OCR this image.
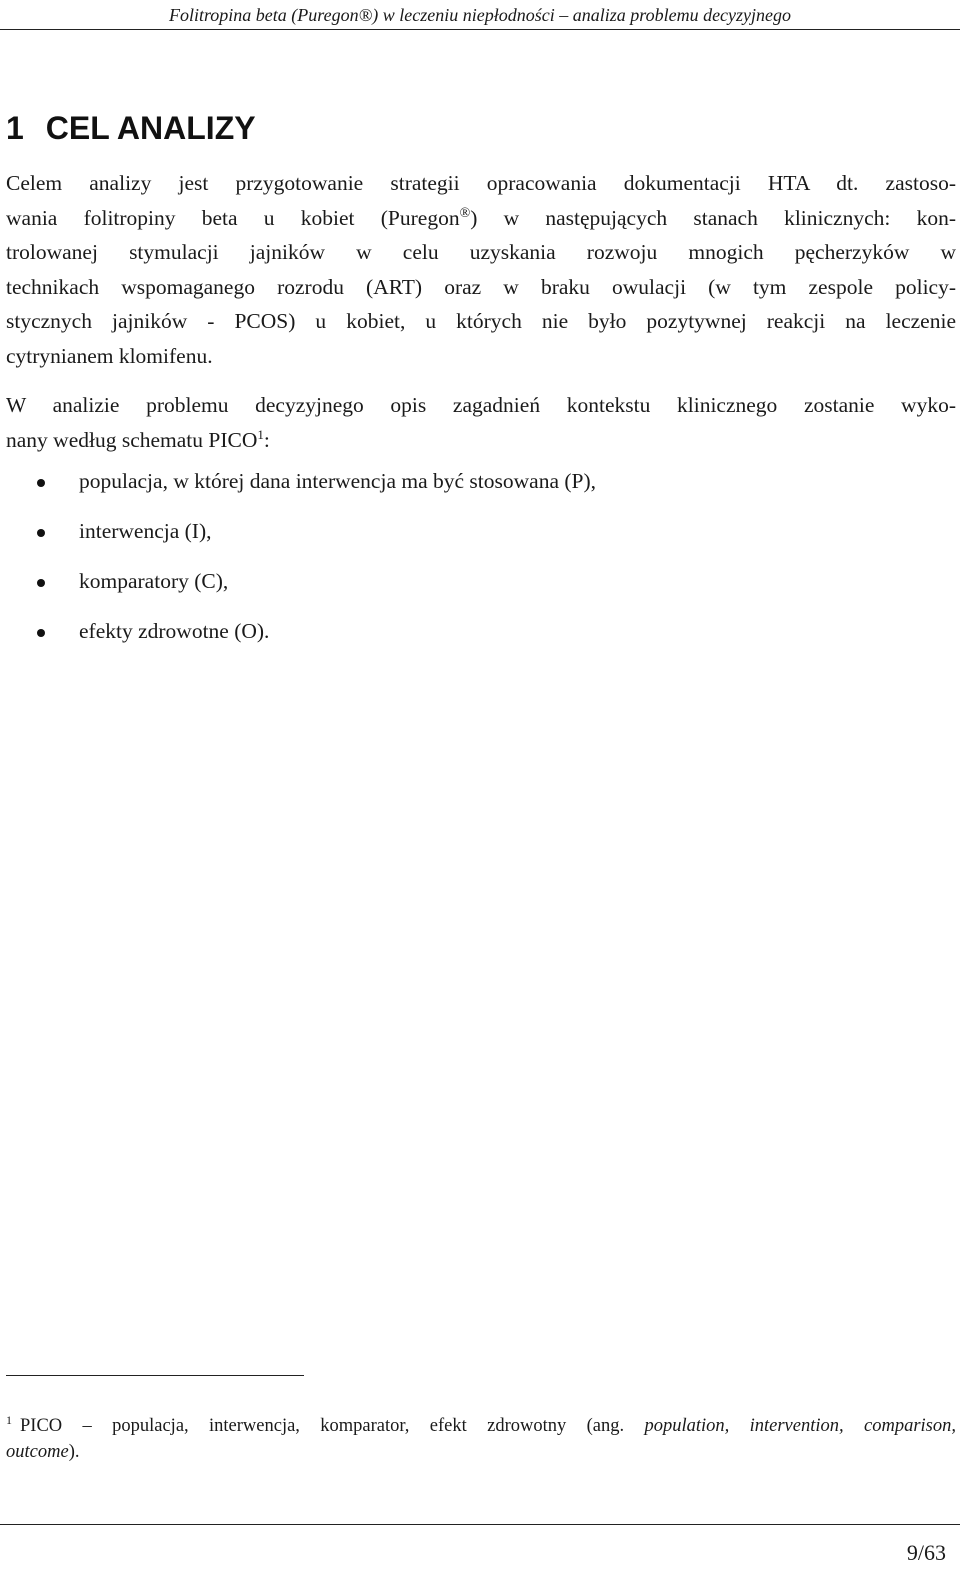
Folitropina beta (Puregon®) w leczeniu niepłodności – analiza problemu decyzyjnego
1 CEL ANALIZY
Celem analizy jest przygotowanie strategii opracowania dokumentacji HTA dt. zastoso-
wania folitropiny beta u kobiet (Puregon®) w następujących stanach klinicznych: kon-
trolowanej stymulacji jajników w celu uzyskania rozwoju mnogich pęcherzyków w
technikach wspomaganego rozrodu (ART) oraz w braku owulacji (w tym zespole policy-
stycznych jajników - PCOS) u kobiet, u których nie było pozytywnej reakcji na leczenie
cytrynianem klomifenu.
W analizie problemu decyzyjnego opis zagadnień kontekstu klinicznego zostanie wyko-
nany według schematu PICO$^1$:
populacja, w której dana interwencja ma być stosowana (P),
interwencja (I),
komparatory (C),
efekty zdrowotne (O).
$^1$ PICO – populacja, interwencja, komparator, efekt zdrowotny (ang. population, intervention, comparison,
outcome).
9/63
